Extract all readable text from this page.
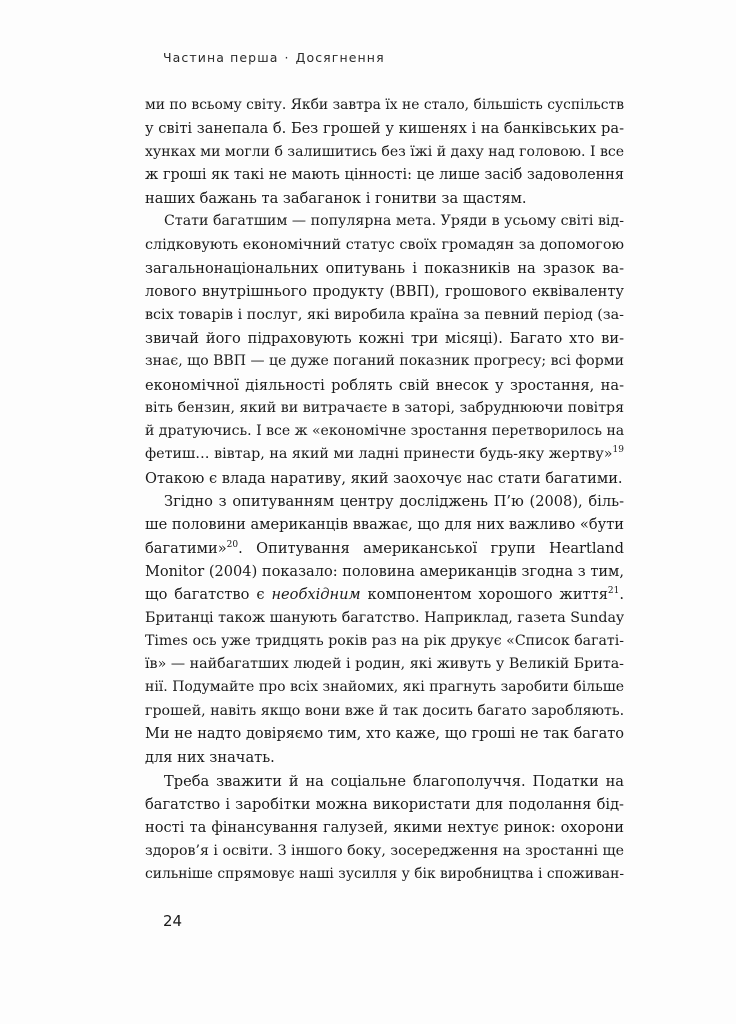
Частина перша · Досягнення
ми по всьому світу. Якби завтра їх не стало, більшість суспільств
у світі занепала б. Без грошей у кишенях і на банківських ра-
хунках ми могли б залишитись без їжі й даху над головою. І все
ж гроші як такі не мають цінності: це лише засіб задоволення
наших бажань та забаганок і гонитви за щастям.
Стати багатшим — популярна мета. Уряди в усьому світі від-
слідковують економічний статус своїх громадян за допомогою
загальнонаціональних опитувань і показників на зразок ва-
лового внутрішнього продукту (ВВП), грошового еквіваленту
всіх товарів і послуг, які виробила країна за певний період (за-
звичай його підраховують кожні три місяці). Багато хто ви-
знає, що ВВП — це дуже поганий показник прогресу; всі форми
економічної діяльності роблять свій внесок у зростання, на-
віть бензин, який ви витрачаєте в заторі, забруднюючи повітря
й дратуючись. І все ж «економічне зростання перетворилось на
фетиш… вівтар, на який ми ладні принести будь-яку жертву»$^{19}$
Отакою є влада наративу, який заохочує нас стати багатими.
Згідно з опитуванням центру досліджень П’ю (2008), біль-
ше половини американців вважає, що для них важливо «бути
багатими»$^{20}$. Опитування американської групи Heartland
Monitor (2004) показало: половина американців згодна з тим,
що багатство є необхідним компонентом хорошого життя$^{21}$.
Британці також шанують багатство. Наприклад, газета Sunday
Times ось уже тридцять років раз на рік друкує «Список багаті-
їв» — найбагатших людей і родин, які живуть у Великій Брита-
нії. Подумайте про всіх знайомих, які прагнуть заробити більше
грошей, навіть якщо вони вже й так досить багато заробляють.
Ми не надто довіряємо тим, хто каже, що гроші не так багато
для них значать.
Треба зважити й на соціальне благополуччя. Податки на
багатство і заробітки можна використати для подолання бід-
ності та фінансування галузей, якими нехтує ринок: охорони
здоров’я і освіти. З іншого боку, зосередження на зростанні ще
сильніше спрямовує наші зусилля у бік виробництва і споживан-
24
